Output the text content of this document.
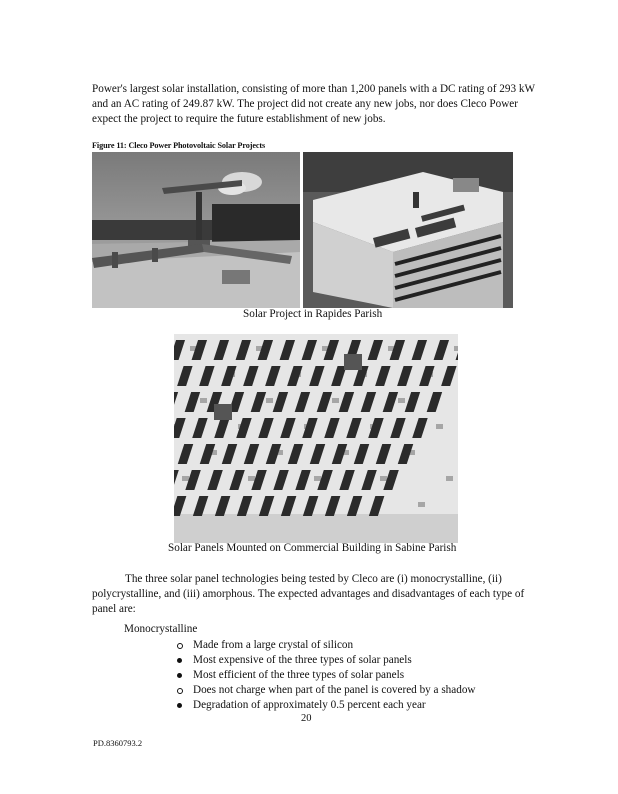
Power's largest solar installation, consisting of more than 1,200 panels with a DC rating of 293 kW and an AC rating of 249.87 kW. The project did not create any new jobs, nor does Cleco Power expect the project to require the future establishment of new jobs.

Figure 11: Cleco Power Photovoltaic Solar Projects
Solar Project in Rapides Parish
Solar Panels Mounted on Commercial Building in Sabine Parish

The three solar panel technologies being tested by Cleco are (i) monocrystalline, (ii) polycrystalline, and (iii) amorphous. The expected advantages and disadvantages of each type of panel are:

Monocrystalline
Made from a large crystal of silicon
Most expensive of the three types of solar panels
Most efficient of the three types of solar panels
Does not charge when part of the panel is covered by a shadow
Degradation of approximately 0.5 percent each year
20
PD.8360793.2
